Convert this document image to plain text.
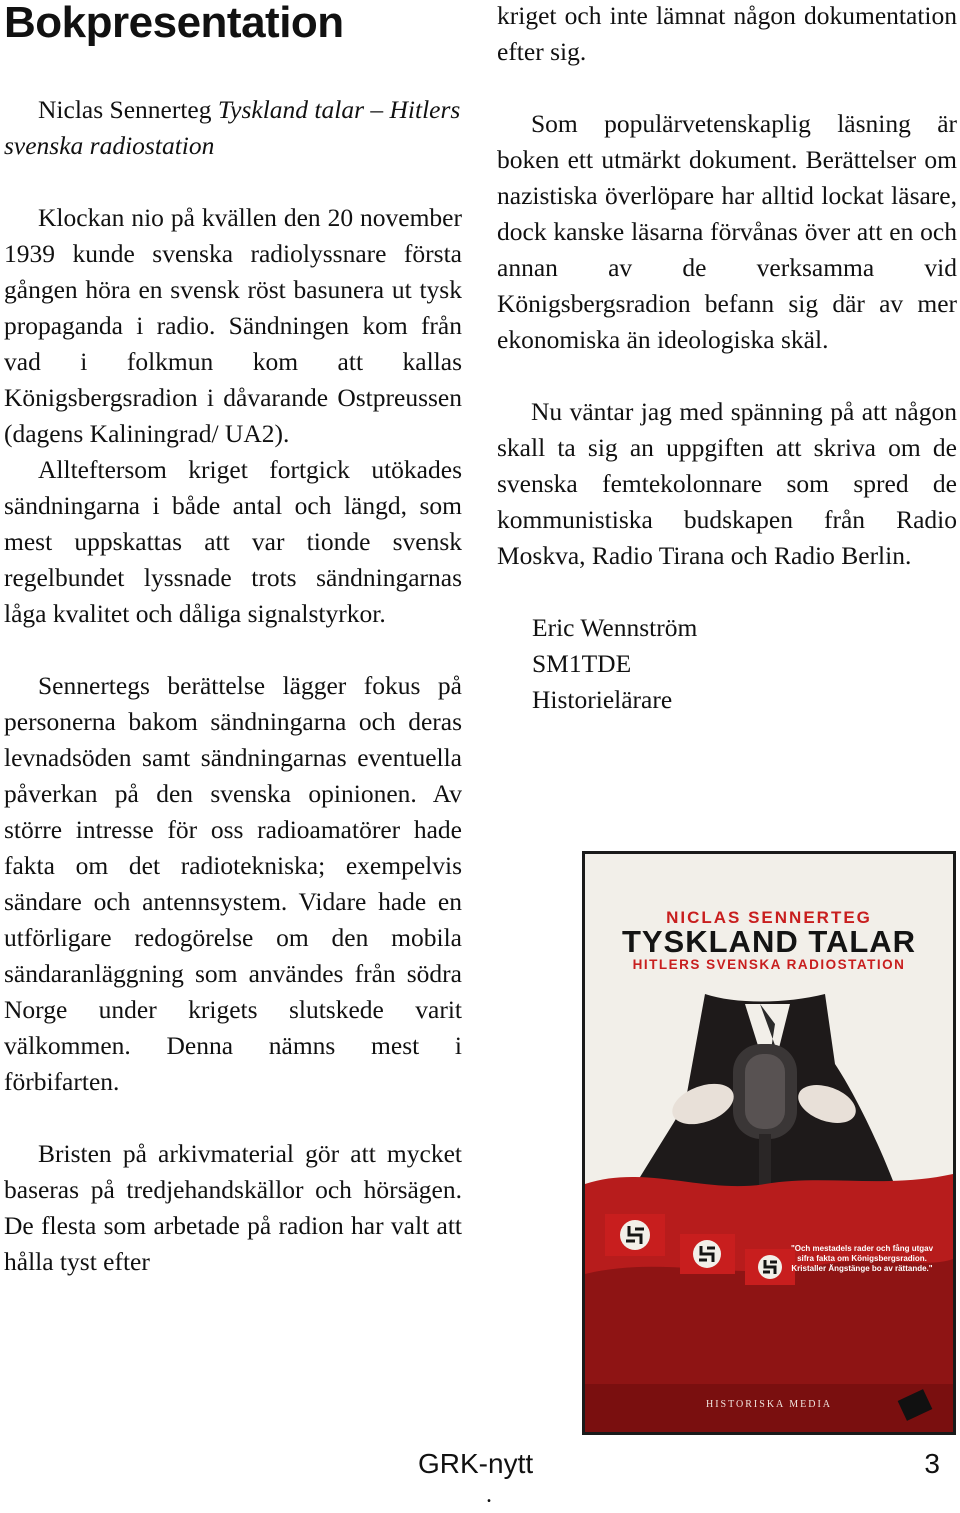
Bokpresentation

Niclas Sennerteg Tyskland talar – Hitlers svenska radiostation

Klockan nio på kvällen den 20 november 1939 kunde svenska radiolyssnare första gången höra en svensk röst basunera ut tysk propaganda i radio. Sändningen kom från vad i folkmun kom att kallas Königsbergsradion i dåvarande Ostpreussen (dagens Kaliningrad/ UA2).

Allteftersom kriget fortgick utökades sändningarna i både antal och längd, som mest uppskattas att var tionde svensk regelbundet lyssnade trots sändningarnas låga kvalitet och dåliga signalstyrkor.

Sennertegs berättelse lägger fokus på personerna bakom sändningarna och deras levnadsöden samt sändningarnas eventuella påverkan på den svenska opinionen. Av större intresse för oss radioamatörer hade fakta om det radiotekniska; exempelvis sändare och antennsystem. Vidare hade en utförligare redogörelse om den mobila sändaranläggning som användes från södra Norge under krigets slutskede varit välkommen. Denna nämns mest i förbifarten.

Bristen på arkivmaterial gör att mycket baseras på tredjehandskällor och hörsägen. De flesta som arbetade på radion har valt att hålla tyst efter

kriget och inte lämnat någon dokumentation efter sig.

Som populärvetenskaplig läsning är boken ett utmärkt dokument. Berättelser om nazistiska överlöpare har alltid lockat läsare, dock kanske läsarna förvånas över att en och annan av de verksamma vid Königsbergsradion befann sig där av mer ekonomiska än ideologiska skäl.

Nu väntar jag med spänning på att någon skall ta sig an uppgiften att skriva om de svenska femtekolonnare som spred de kommunistiska budskapen från Radio Moskva, Radio Tirana och Radio Berlin.

Eric Wennström
SM1TDE
Historielärare
NICLAS SENNERTEG
TYSKLAND TALAR
HITLERS SVENSKA RADIOSTATION
"Och mestadels rader och fång utgav sifra fakta om Königsbergsradion. Kristaller Ängstänge bo av rättande."
HISTORISKA MEDIA
GRK-nytt	3
.
